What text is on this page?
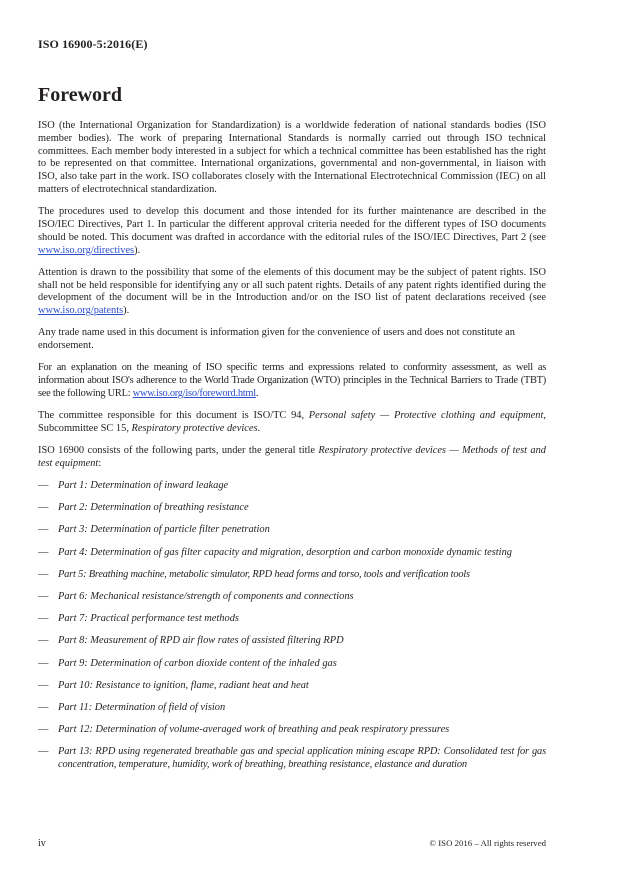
ISO 16900-5:2016(E)
Foreword

ISO (the International Organization for Standardization) is a worldwide federation of national standards bodies (ISO member bodies). The work of preparing International Standards is normally carried out through ISO technical committees. Each member body interested in a subject for which a technical committee has been established has the right to be represented on that committee. International organizations, governmental and non-governmental, in liaison with ISO, also take part in the work. ISO collaborates closely with the International Electrotechnical Commission (IEC) on all matters of electrotechnical standardization.

The procedures used to develop this document and those intended for its further maintenance are described in the ISO/IEC Directives, Part 1. In particular the different approval criteria needed for the different types of ISO documents should be noted. This document was drafted in accordance with the editorial rules of the ISO/IEC Directives, Part 2 (see www.iso.org/directives).

Attention is drawn to the possibility that some of the elements of this document may be the subject of patent rights. ISO shall not be held responsible for identifying any or all such patent rights. Details of any patent rights identified during the development of the document will be in the Introduction and/or on the ISO list of patent declarations received (see www.iso.org/patents).

Any trade name used in this document is information given for the convenience of users and does not constitute an endorsement.

For an explanation on the meaning of ISO specific terms and expressions related to conformity assessment, as well as information about ISO's adherence to the World Trade Organization (WTO) principles in the Technical Barriers to Trade (TBT) see the following URL: www.iso.org/iso/foreword.html.

The committee responsible for this document is ISO/TC 94, Personal safety — Protective clothing and equipment, Subcommittee SC 15, Respiratory protective devices.

ISO 16900 consists of the following parts, under the general title Respiratory protective devices — Methods of test and test equipment:

— Part 1: Determination of inward leakage
— Part 2: Determination of breathing resistance
— Part 3: Determination of particle filter penetration
— Part 4: Determination of gas filter capacity and migration, desorption and carbon monoxide dynamic testing
— Part 5: Breathing machine, metabolic simulator, RPD head forms and torso, tools and verification tools
— Part 6: Mechanical resistance/strength of components and connections
— Part 7: Practical performance test methods
— Part 8: Measurement of RPD air flow rates of assisted filtering RPD
— Part 9: Determination of carbon dioxide content of the inhaled gas
— Part 10: Resistance to ignition, flame, radiant heat and heat
— Part 11: Determination of field of vision
— Part 12: Determination of volume-averaged work of breathing and peak respiratory pressures
— Part 13: RPD using regenerated breathable gas and special application mining escape RPD: Consolidated test for gas concentration, temperature, humidity, work of breathing, breathing resistance, elastance and duration
iv	© ISO 2016 – All rights reserved
